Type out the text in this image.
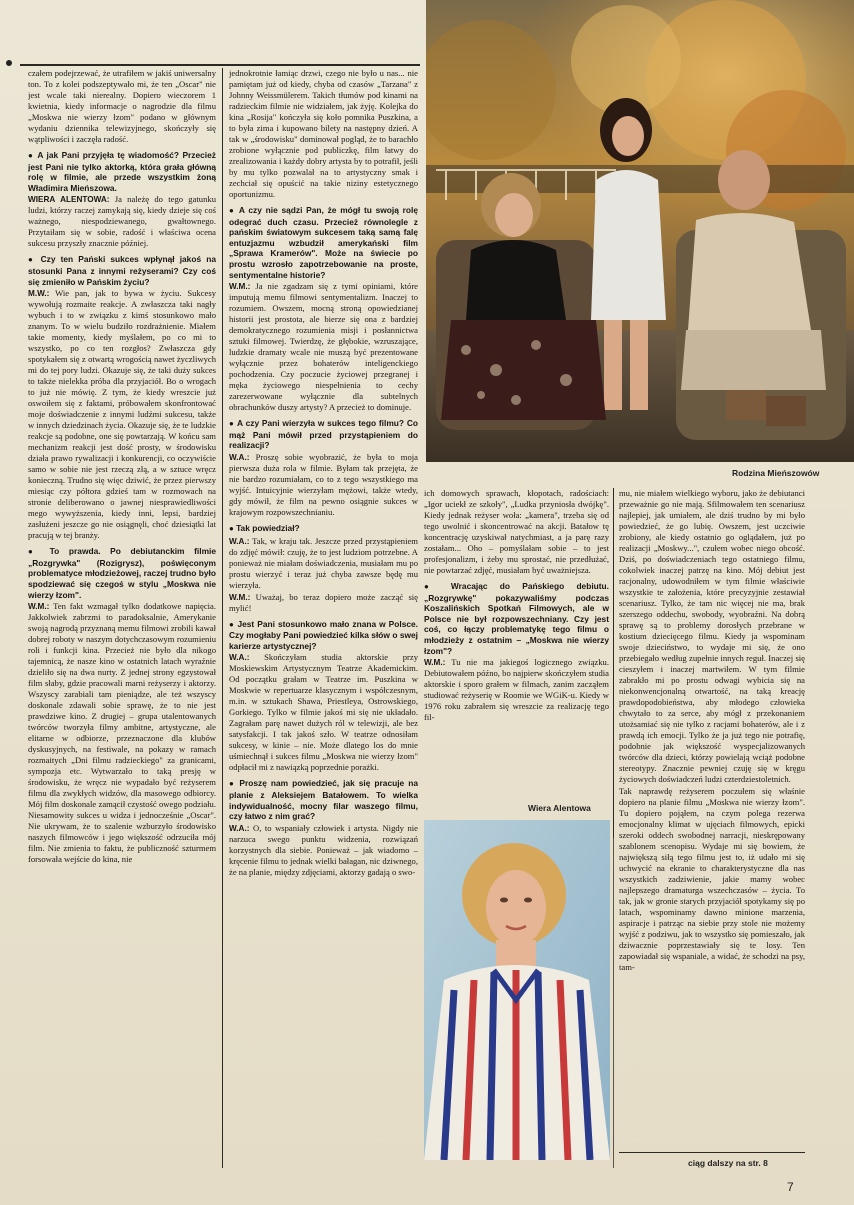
czałem podejrzewać, że utrafiłem w jakiś uniwersalny ton. To z kolei podszeptywało mi, że ten „Oscar" nie jest wcale taki nierealny. Dopiero wieczorem 1 kwietnia, kiedy informacje o nagrodzie dla filmu „Moskwa nie wierzy łzom" podano w głównym wydaniu dziennika telewizyjnego, skończyły się wątpliwości i zaczęła radość.

● A jak Pani przyjęła tę wiadomość? Przecież jest Pani nie tylko aktorką, która grała główną rolę w filmie, ale przede wszystkim żoną Władimira Mieńszowa.

WIERA ALENTOWA: Ja należę do tego gatunku ludzi, którzy raczej zamykają się, kiedy dzieje się coś ważnego, niespodziewanego, gwałtownego. Przytaiłam się w sobie, radość i właściwa ocena sukcesu przyszły znacznie później.

● Czy ten Pański sukces wpłynął jakoś na stosunki Pana z innymi reżyserami? Czy coś się zmieniło w Pańskim życiu?

M.W.: Wie pan, jak to bywa w życiu. Sukcesy wywołują rozmaite reakcje. A zwłaszcza taki nagły wybuch i to w związku z kimś stosunkowo mało znanym. To w wielu budziło rozdrażnienie. Miałem takie momenty, kiedy myślałem, po co mi to wszystko, po co ten rozgłos? Zwłaszcza gdy spotykałem się z otwartą wrogością nawet życzliwych mi do tej pory ludzi. Okazuje się, że taki duży sukces to także nielekka próba dla przyjaciół. Bo o wrogach to już nie mówię. Z tym, że kiedy wreszcie już oswoiłem się z faktami, próbowałem skonfrontować moje doświadczenie z innymi ludźmi sukcesu, także w innych dziedzinach życia. Okazuje się, że te ludzkie reakcje są podobne, one się powtarzają. W końcu sam mechanizm reakcji jest dość prosty, w środowisku działa prawo rywalizacji i konkurencji, co oczywiście samo w sobie nie jest rzeczą złą, a w sztuce wręcz konieczną. Trudno się więc dziwić, że przez pierwszy miesiąc czy półtora gdzieś tam w rozmowach na stronie deliberowano o jawnej niesprawiedliwości mego wywyższenia, kiedy inni, lepsi, bardziej zasłużeni jeszcze go nie osiągnęli, choć dziesiątki lat pracują w tej branży.

● To prawda. Po debiutanckim filmie „Rozgrywka" (Rozigrysz), poświęconym problematyce młodzieżowej, raczej trudno było spodziewać się czegoś w stylu „Moskwa nie wierzy łzom".

W.M.: Ten fakt wzmagał tylko dodatkowe napięcia. Jakkolwiek zabrzmi to paradoksalnie, Amerykanie swoją nagrodą przyznaną memu filmowi zrobili kawał dobrej roboty w naszym dotychczasowym rozumieniu roli i funkcji kina. Przecież nie było dla nikogo tajemnicą, że nasze kino w ostatnich latach wyraźnie dzieliło się na dwa nurty. Z jednej strony egzystował film słaby, gdzie pracowali marni reżyserzy i aktorzy. Wszyscy zarabiali tam pieniądze, ale też wszyscy doskonale zdawali sobie sprawę, że to nie jest prawdziwe kino. Z drugiej – grupa utalentowanych twórców tworzyła filmy ambitne, artystyczne, ale elitarne w odbiorze, przeznaczone dla klubów dyskusyjnych, na festiwale, na pokazy w ramach rozmaitych „Dni filmu radzieckiego" za granicami, sympozja etc. Wytwarzało to taką presję w środowisku, że wręcz nie wypadało być reżyserem filmu dla zwykłych widzów, dla masowego odbiorcy. Mój film doskonale zamącił czystość owego podziału. Niesamowity sukces u widza i jednocześnie „Oscar". Nie ukrywam, że to szalenie wzburzyło środowisko naszych filmowców i jego większość odrzuciła mój film. Nie zmienia to faktu, że publiczność szturmem forsowała wejście do kina, nie

jednokrotnie łamiąc drzwi, czego nie było u nas... nie pamiętam już od kiedy, chyba od czasów „Tarzana" z Johnny Weissmülerem. Takich tłumów pod kinami na radzieckim filmie nie widziałem, jak żyję. Kolejka do kina „Rosija" kończyła się koło pomnika Puszkina, a to była zima i kupowano bilety na następny dzień. A tak w „środowisku" dominował pogląd, że to barachło zrobione wyłącznie pod publiczkę, film łatwy do zrealizowania i każdy dobry artysta by to potrafił, jeśli by mu tylko pozwalał na to artystyczny smak i zechciał się opuścić na takie niziny estetycznego oportunizmu.

● A czy nie sądzi Pan, że mógł tu swoją rolę odegrać duch czasu. Przecież równolegle z pańskim światowym sukcesem taką samą falę entuzjazmu wzbudził amerykański film „Sprawa Kramerów". Może na świecie po prostu wzrosło zapotrzebowanie na proste, sentymentalne historie?

W.M.: Ja nie zgadzam się z tymi opiniami, które imputują memu filmowi sentymentalizm. Inaczej to rozumiem. Owszem, mocną stroną opowiedzianej historii jest prostota, ale bierze się ona z bardziej demokratycznego rozumienia misji i posłannictwa sztuki filmowej. Twierdzę, że głębokie, wzruszające, ludzkie dramaty wcale nie muszą być prezentowane wyłącznie przez bohaterów inteligenckiego pochodzenia. Czy poczucie życiowej przegranej i męka życiowego niespełnienia to cechy zarezerwowane wyłącznie dla subtelnych obrachunków duszy artysty? A przecież to dominuje.

● A czy Pani wierzyła w sukces tego filmu? Co mąż Pani mówił przed przystąpieniem do realizacji?

W.A.: Proszę sobie wyobrazić, że była to moja pierwsza duża rola w filmie. Byłam tak przejęta, że nie bardzo rozumiałam, co to z tego wszystkiego ma wyjść. Intuicyjnie wierzyłam mężowi, także wtedy, gdy mówił, że film na pewno osiągnie sukces w krajowym rozpowszechnianiu.

● Tak powiedział?

W.A.: Tak, w kraju tak. Jeszcze przed przystąpieniem do zdjęć mówił: czuję, że to jest ludziom potrzebne. A ponieważ nie miałam doświadczenia, musiałam mu po prostu wierzyć i teraz już chyba zawsze będę mu wierzyła.

W.M.: Uważaj, bo teraz dopiero może zacząć się mylić!

● Jest Pani stosunkowo mało znana w Polsce. Czy mogłaby Pani powiedzieć kilka słów o swej karierze artystycznej?

W.A.: Skończyłam studia aktorskie przy Moskiewskim Artystycznym Teatrze Akademickim. Od początku grałam w Teatrze im. Puszkina w Moskwie w repertuarze klasycznym i współczesnym, m.in. w sztukach Shawa, Priestleya, Ostrowskiego, Gorkiego. Tylko w filmie jakoś mi się nie układało. Zagrałam parę nawet dużych ról w telewizji, ale bez satysfakcji. I tak jakoś szło. W teatrze odnosiłam sukcesy, w kinie – nie. Może dlatego los do mnie uśmiechnął i sukces filmu „Moskwa nie wierzy łzom" odpłacił mi z nawiązką poprzednie porażki.

● Proszę nam powiedzieć, jak się pracuje na planie z Aleksiejem Batałowem. To wielka indywidualność, mocny filar waszego filmu, czy łatwo z nim grać?

W.A.: O, to wspaniały człowiek i artysta. Nigdy nie narzuca swego punktu widzenia, rozwiązań korzystnych dla siebie. Ponieważ – jak wiadomo – kręcenie filmu to jednak wielki bałagan, nic dziwnego, że na planie, między zdjęciami, aktorzy gadają o swo-

ich domowych sprawach, kłopotach, radościach: „Igor uciekł ze szkoły", „Ludka przyniosła dwójkę". Kiedy jednak reżyser woła: „kamera", trzeba się od tego uwolnić i skoncentrować na akcji. Batałow tę koncentrację uzyskiwał natychmiast, a ja parę razy zostałam... Oho – pomyślałam sobie – to jest profesjonalizm, i żeby mu sprostać, nie przedłużać, nie powtarzać zdjęć, musiałam być uważniejsza.

● Wracając do Pańskiego debiutu. „Rozgrywkę" pokazywaliśmy podczas Koszalińskich Spotkań Filmowych, ale w Polsce nie był rozpowszechniany. Czy jest coś, co łączy problematykę tego filmu o młodzieży z ostatnim – „Moskwa nie wierzy łzom"?

W.M.: Tu nie ma jakiegoś logicznego związku. Debiutowałem późno, bo najpierw skończyłem studia aktorskie i sporo grałem w filmach, zanim zacząłem studiować reżyserię w Roomie we WGiK-u. Kiedy w 1976 roku zabrałem się wreszcie za realizację tego fil-

mu, nie miałem wielkiego wyboru, jako że debiutanci przeważnie go nie mają. Sfilmowałem ten scenariusz najlepiej, jak umiałem, ale dziś trudno by mi było powiedzieć, że go lubię. Owszem, jest uczciwie zrobiony, ale kiedy ostatnio go oglądałem, już po realizacji „Moskwy...", czułem wobec niego obcość. Dziś, po doświadczeniach tego ostatniego filmu, cokolwiek inaczej patrzę na kino. Mój debiut jest racjonalny, udowodniłem w tym filmie właściwie wszystkie te założenia, które precyzyjnie zestawiał scenariusz. Tylko, że tam nic więcej nie ma, brak szerszego oddechu, swobody, wyobraźni. Na dobrą sprawę są to problemy dorosłych przebrane w kostium dziecięcego filmu. Kiedy ja wspominam swoje dzieciństwo, to wydaje mi się, że ono przebiegało według zupełnie innych reguł. Inaczej się cieszyłem i inaczej martwiłem. W tym filmie zabrakło mi po prostu odwagi wybicia się na niekonwencjonalną otwartość, na taką kreację prawdopodobieństwa, aby młodego człowieka chwytało to za serce, aby mógł z przekonaniem utożsamiać się nie tylko z racjami bohaterów, ale i z prawdą ich emocji. Tylko że ja już tego nie potrafię, podobnie jak większość wyspecjalizowanych twórców dla dzieci, którzy powielają wciąż podobne stereotypy. Znacznie pewniej czuję się w kręgu życiowych doświadczeń ludzi czterdziestoletnich.

Tak naprawdę reżyserem poczułem się właśnie dopiero na planie filmu „Moskwa nie wierzy łzom". Tu dopiero pojąłem, na czym polega rezerwa emocjonalny klimat w ujęciach filmowych, epicki szeroki oddech swobodnej narracji, nieskrępowany szablonem scenopisu. Wydaje mi się bowiem, że największą siłą tego filmu jest to, iż udało mi się uchwycić na ekranie to charakterystyczne dla nas wszystkich zadziwienie, jakie mamy wobec najlepszego dramaturga wszechczasów – życia. To tak, jak w gronie starych przyjaciół spotykamy się po latach, wspominamy dawno minione marzenia, aspiracje i patrząc na siebie przy stole nie możemy wyjść z podziwu, jak to wszystko się pomieszało, jak dziwacznie poprzestawiały się te losy. Ten zapowiadał się wspaniale, a widać, że schodzi na psy, tam-

Rodzina Mieńszowów
Wiera Alentowa
ciąg dalszy na str. 8
7
